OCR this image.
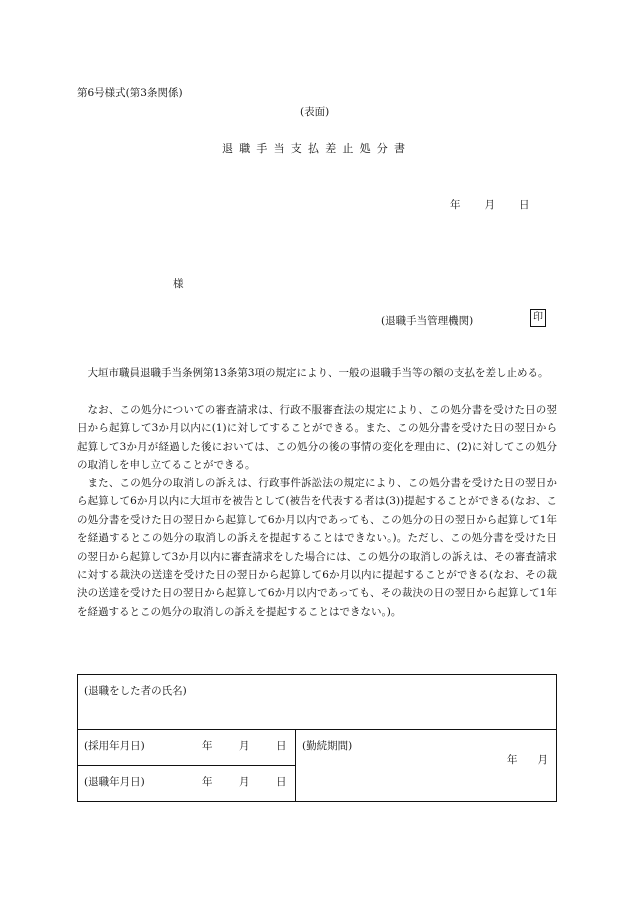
第6号様式(第3条関係)
(表面)
退職手当支払差止処分書
年 月 日
様
(退職手当管理機関)	印
大垣市職員退職手当条例第13条第3項の規定により、一般の退職手当等の額の支払を差し止める。
なお、この処分についての審査請求は、行政不服審査法の規定により、この処分書を受けた日の翌日から起算して3か月以内に(1)に対してすることができる。また、この処分書を受けた日の翌日から起算して3か月が経過した後においては、この処分の後の事情の変化を理由に、(2)に対してこの処分の取消しを申し立てることができる。
また、この処分の取消しの訴えは、行政事件訴訟法の規定により、この処分書を受けた日の翌日から起算して6か月以内に大垣市を被告として(被告を代表する者は(3))提起することができる(なお、この処分書を受けた日の翌日から起算して6か月以内であっても、この処分の日の翌日から起算して1年を経過するとこの処分の取消しの訴えを提起することはできない。)。ただし、この処分書を受けた日の翌日から起算して3か月以内に審査請求をした場合には、この処分の取消しの訴えは、その審査請求に対する裁決の送達を受けた日の翌日から起算して6か月以内に提起することができる(なお、その裁決の送達を受けた日の翌日から起算して6か月以内であっても、その裁決の日の翌日から起算して1年を経過するとこの処分の取消しの訴えを提起することはできない。)。
(退職をした者の氏名)

(採用年月日)	年	月	日	(勤続期間)
年 月

(退職年月日)	年	月	日
